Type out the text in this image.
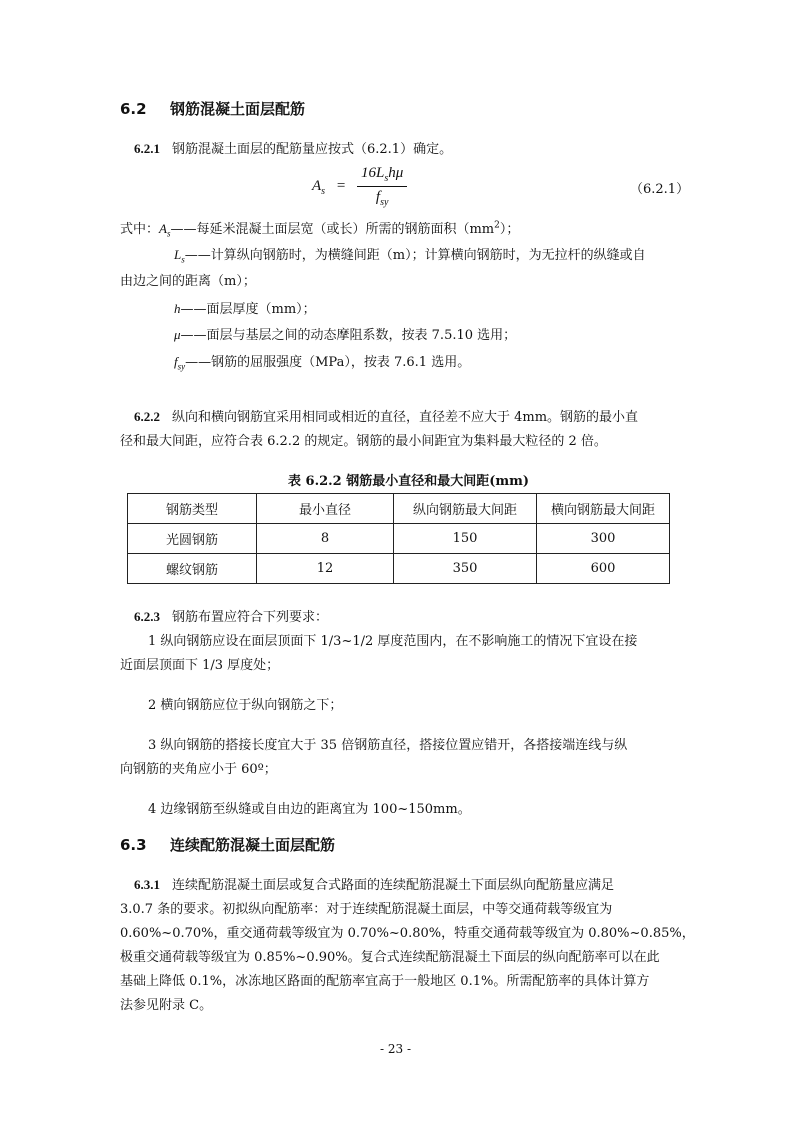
6.2 钢筋混凝土面层配筋
6.2.1 钢筋混凝土面层的配筋量应按式（6.2.1）确定。
$A_s = \frac{16L_sh\mu}{f_{sy}}$	（6.2.1）
式中：$A_s——$每延米混凝土面层宽（或长）所需的钢筋面积$(mm^2)$；
$L_s——$计算纵向钢筋时，为横缝间距（m）；计算横向钢筋时，为无拉杆的纵缝或自
由边之间的距离（m）；
h——面层厚度（mm）；
μ——面层与基层之间的动态摩阻系数，按表 7.5.10 选用；
$f_{sy}——$钢筋的屈服强度（MPa），按表 7.6.1 选用。
6.2.2 纵向和横向钢筋宜采用相同或相近的直径，直径差不应大于 4mm。钢筋的最小直
径和最大间距，应符合表 6.2.2 的规定。钢筋的最小间距宜为集料最大粒径的 2 倍。
表 6.2.2 钢筋最小直径和最大间距(mm)
钢筋类型	最小直径	纵向钢筋最大间距	横向钢筋最大间距
光圆钢筋	8	150	300
螺纹钢筋	12	350	600
6.2.3 钢筋布置应符合下列要求：
1 纵向钢筋应设在面层顶面下 1/3~1/2 厚度范围内，在不影响施工的情况下宜设在接
近面层顶面下 1/3 厚度处；
2 横向钢筋应位于纵向钢筋之下；
3 纵向钢筋的搭接长度宜大于 35 倍钢筋直径，搭接位置应错开，各搭接端连线与纵
向钢筋的夹角应小于 60º；
4 边缘钢筋至纵缝或自由边的距离宜为 100~150mm。
6.3 连续配筋混凝土面层配筋
6.3.1 连续配筋混凝土面层或复合式路面的连续配筋混凝土下面层纵向配筋量应满足
3.0.7 条的要求。初拟纵向配筋率：对于连续配筋混凝土面层，中等交通荷载等级宜为
0.60%~0.70%，重交通荷载等级宜为 0.70%~0.80%，特重交通荷载等级宜为 0.80%~0.85%，
极重交通荷载等级宜为 0.85%~0.90%。复合式连续配筋混凝土下面层的纵向配筋率可以在此
基础上降低 0.1%，冰冻地区路面的配筋率宜高于一般地区 0.1%。所需配筋率的具体计算方
法参见附录 C。
- 23 -
